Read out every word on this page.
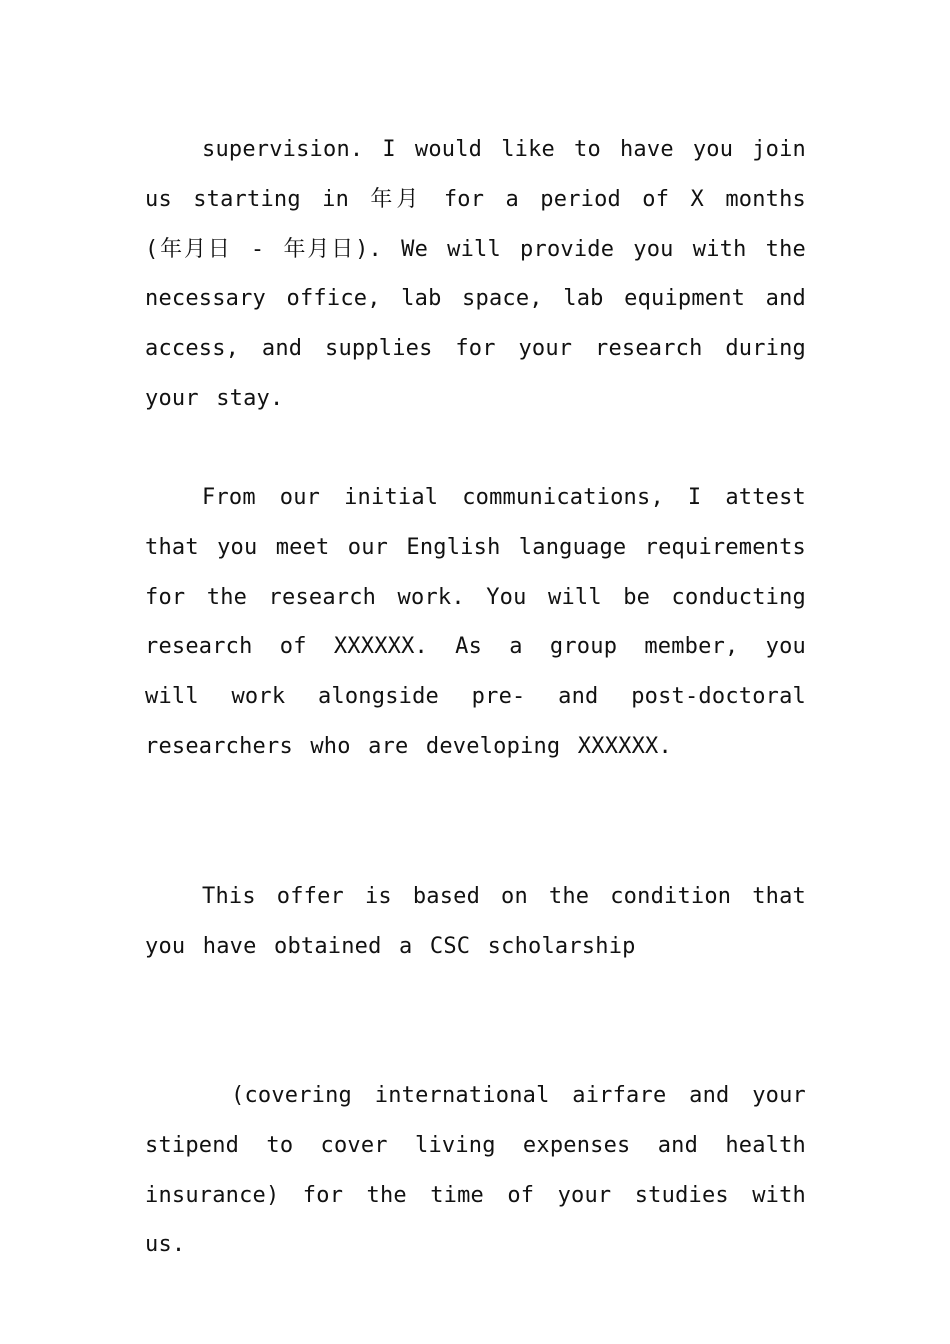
supervision. I would like to have you join us starting in 年月 for a period of X months (年月日 - 年月日). We will provide you with the necessary office, lab space, lab equipment and access, and supplies for your research during your stay.

From our initial communications, I attest that you meet our English language requirements for the research work. You will be conducting research of XXXXXX. As a group member, you will work alongside pre- and post-doctoral researchers who are developing XXXXXX.

This offer is based on the condition that you have obtained a CSC scholarship

(covering international airfare and your stipend to cover living expenses and health insurance) for the time of your studies with us.
